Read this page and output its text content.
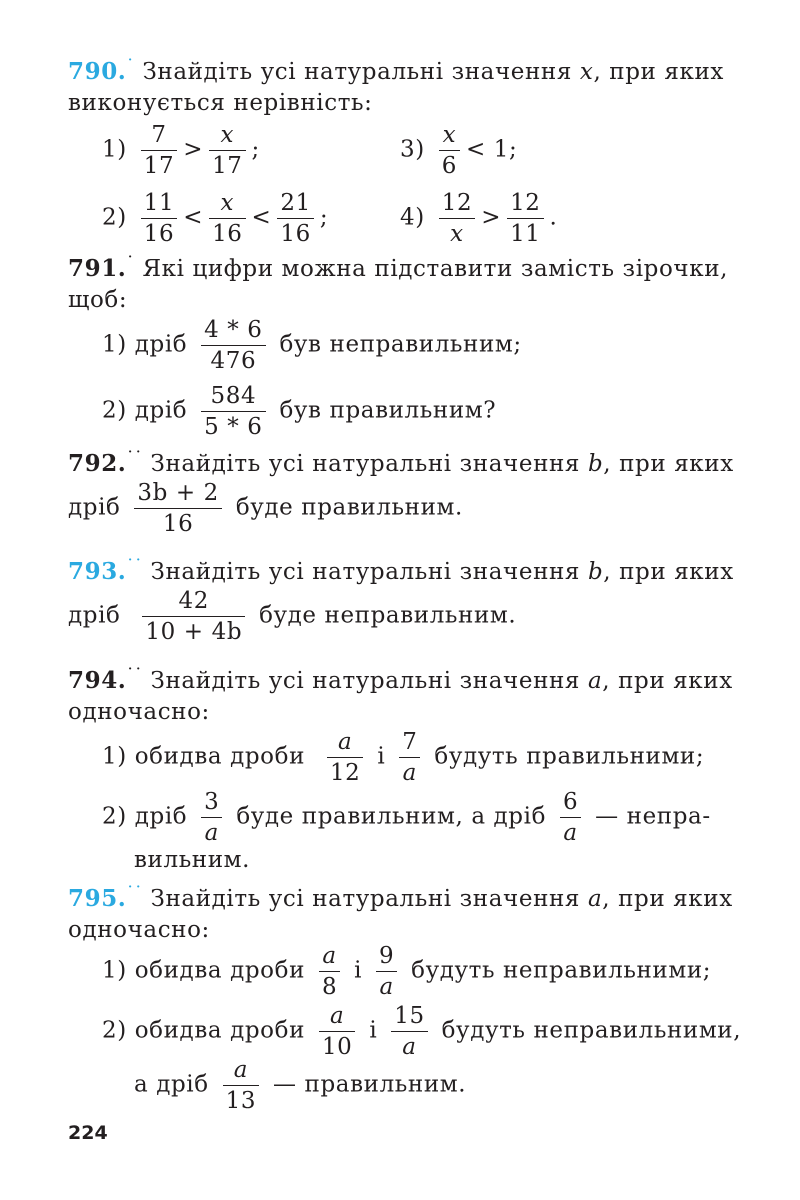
790.˙ Знайдіть усі натуральні значення x, при яких
виконується нерівність:
$1) \frac{7}{17} > \frac{x}{17}$ ;	$3) \frac{x}{6} < 1$;
$2) \frac{11}{16} < \frac{x}{16} < \frac{21}{16}$ ;	$4) \frac{12}{x} > \frac{12}{11}$ .
791.˙ Які цифри можна підставити замість зірочки,
щоб:
1) дріб $\frac{4 * 6}{476}$ був неправильним;
2) дріб $\frac{584}{5 * 6}$ був правильним?
792.˙˙ Знайдіть усі натуральні значення b, при яких
дріб $\frac{3b + 2}{16}$ буде правильним.
793.˙˙ Знайдіть усі натуральні значення b, при яких
дріб $\frac{42}{10 + 4b}$ буде неправильним.
794.˙˙ Знайдіть усі натуральні значення a, при яких
одночасно:
1) обидва дроби $\frac{a}{12}$ і $\frac{7}{a}$ будуть правильними;
2) дріб $\frac{3}{a}$ буде правильним, а дріб $\frac{6}{a}$ — непра-
вильним.
795.˙˙ Знайдіть усі натуральні значення a, при яких
одночасно:
1) обидва дроби $\frac{a}{8}$ і $\frac{9}{a}$ будуть неправильними;
2) обидва дроби $\frac{a}{10}$ і $\frac{15}{a}$ будуть неправильними,
а дріб $\frac{a}{13}$ — правильним.
224
